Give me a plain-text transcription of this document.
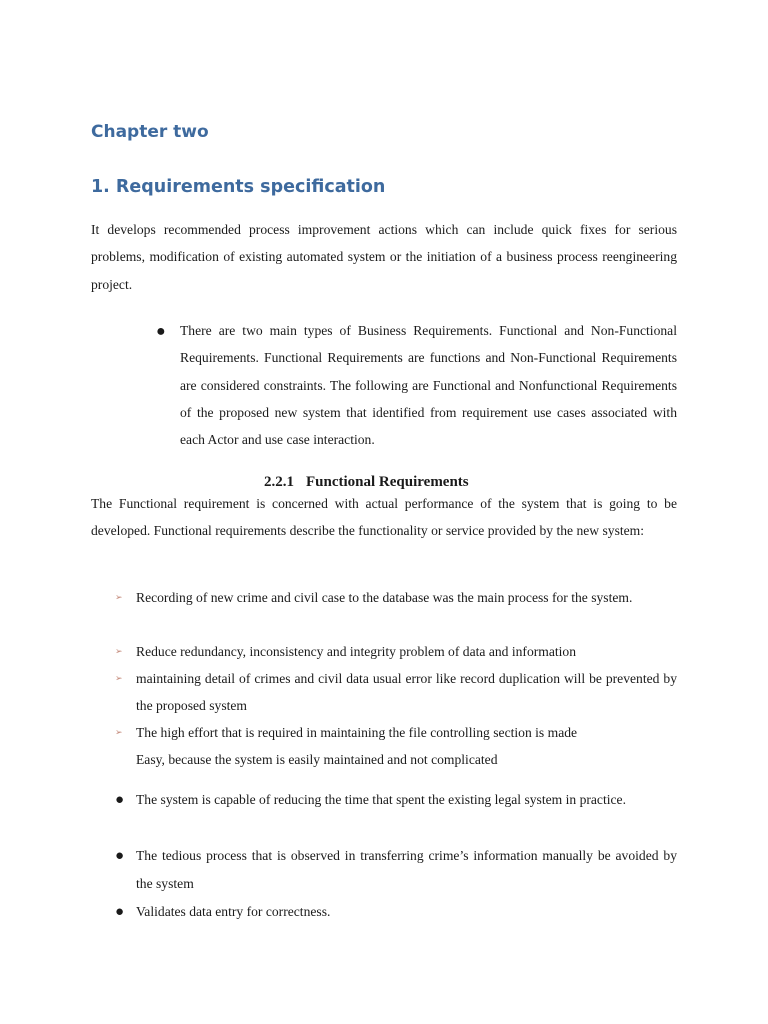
Chapter two
1. Requirements specification

It develops recommended process improvement actions which can include quick fixes for serious problems, modification of existing automated system or the initiation of a business process reengineering project.

● There are two main types of Business Requirements. Functional and Non-Functional Requirements. Functional Requirements are functions and Non-Functional Requirements are considered constraints. The following are Functional and Nonfunctional Requirements of the proposed new system that identified from requirement use cases associated with each Actor and use case interaction.

2.2.1 Functional Requirements

The Functional requirement is concerned with actual performance of the system that is going to be developed. Functional requirements describe the functionality or service provided by the new system:

➢ Recording of new crime and civil case to the database was the main process for the system.
➢ Reduce redundancy, inconsistency and integrity problem of data and information
➢ maintaining detail of crimes and civil data usual error like record duplication will be prevented by the proposed system
➢ The high effort that is required in maintaining the file controlling section is made
Easy, because the system is easily maintained and not complicated
● The system is capable of reducing the time that spent the existing legal system in practice.
● The tedious process that is observed in transferring crime’s information manually be avoided by the system
● Validates data entry for correctness.
